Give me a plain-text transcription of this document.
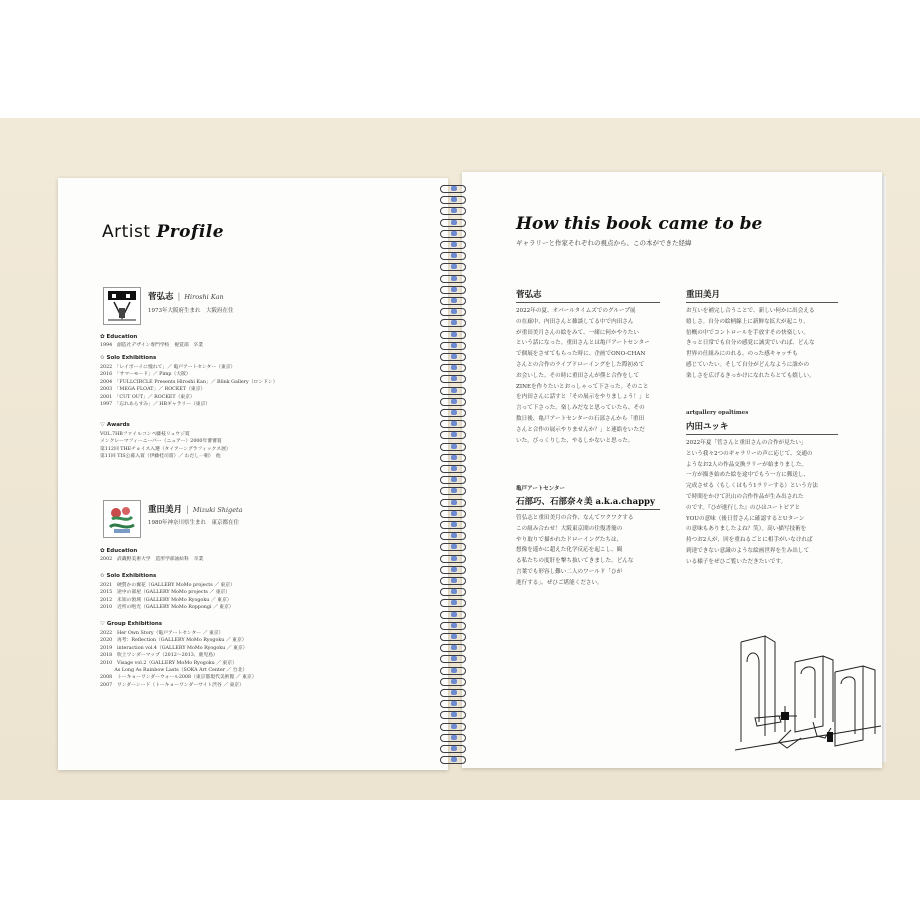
Artist Profile
菅弘志 | Hiroshi Kan
1973年大阪府生まれ　大阪府在住
✿ Education
1994　創造社デザイン専門学校　視覚部　卒業
✩ Solo Exhibitions
2022　「レイボーイに憧れて」／ 亀戸アートセンター（東京）
2016　「サマーモード」／ Pimp（大阪）
2004　「FULLCIRCLE Presents Hiroshi Kan」／ Blink Gallery（ロンドン）
2003　「MEGA FLOAT」／ ROCKET（東京）
2001　「CUT OUT」／ ROCKET（東京）
1997　「忘れあらすみ」／ HBギャラリー（東京）
♡ Awards
VOL.7HBファイルコンペ藤枝リュウジ賞
メンクレーマフィーニーバー（ニュアー）2000年審審賞
第112回 THEチョイス入選（タイアーングラフィックス展）
第11回 TIS公募入賞（伊藤桂司賞）／ わだし一朝）　他
重田美月 | Mizuki Shigeta
1980年神奈川県生まれ　東京都在住
✿ Education
2002　武蔵野美術大学　造形学部油絵科　卒業
✩ Solo Exhibitions
2021　硬質かの翼花（GALLERY MoMo projects ／ 東京）
2015　途中の部屋（GALLERY MoMo projects ／ 東京）
2012　未知の領域（GALLERY MoMo Ryogoku ／ 東京）
2010　近所の咆光（GALLERY MoMo Roppongi ／ 東京）
♡ Group Exhibitions
2022　Her Own Story（亀戸アートセンター ／ 東京）
2020　再考：Reflection（GALLERY MoMo Ryogoku ／ 東京）
2019　interaction vol.4（GALLERY MoMo Ryogoku ／ 東京）
2018　吹上ワンダーマップ（2012〜2013、鹿児島）
2010　Visage vol.2（GALLERY MoMo Ryogoku ／ 東京）
　　　As Long As Rainbow Lasts（SOKA Art Center ／ 台北）
2008　トーキョーワンダーウォール2008（東京都現代美術館 ／ 東京）
2007　ワンダーシード（トーキョーワンダーサイト渋谷 ／ 東京）
How this book came to be
ギャラリーと作家それぞれの視点から、この本ができた経緯
菅弘志
2022年の夏、オパールタイムズでのグループ展
の在廊中、内田さんと雑談してる中で内田さん
が重田美月さんの絵をみて、一緒に何かやりたい
という話になった。重田さんとは亀戸アートセンター
で個展をさせてもらった時に、企画でONO-CHAN
さんとの合作のライブドローイングをした際初めて
お会いした。その時に重田さんが僕と合作をして
ZINEを作りたいとおっしゃって下さった。そのこと
を内田さんに話すと「その展示をやりましょう！」と
言って下さった。楽しみだなと思っていたら、その
数日後、亀戸アートセンターの石部さんから「重田
さんと合作の展示やりませんか？」と連絡をいただ
いた。びっくりした、やるしかないと思った。
亀戸アートセンター
石部巧、石部奈々美 a.k.a.chappy
管弘志と重田美月の合作、なんてワクワクする
この組み合わせ！大阪東京間の往復書簡の
やり取りで描かれたドローイングたちは、
想像を遥かに超えた化学反応を起こし、観
る私たちの度肝を撃ち抜いてきました。どんな
言葉でも形容し難い二人のワールド「ひが
進行する」、ぜひご堪能ください。
重田美月
お互いを補完し合うことで、新しい何かに出会える
嬉しさ。自分の絵柄線上に新鮮な拡大が起こり、
倍概の中でコントロールを手放すその快楽しい。
きっと日常でも自分の感覚に誠実でいれば、どんな
世界の仕組みにのれる、のった感キャッチも
感じていたい。そして自分がどんなように誰かの
楽しさを広げるきっかけになれたらとても嬉しい。
artgallery opaltimes
内田ユッキ
2022年夏「菅さんと重田さんの合作が見たい」
という我々2つのギャラリーの声に応じて、交通の
ようなお2人の作品交換ラリーが始まりました。
一方が描き始めた絵を途中でもう一方に郵送し、
完成させる（もしくはもう1ラリーする）という方法
で時間をかけて沢山の合作作品が生み出された
のです。『ひが進行した』のひはユートピアと
YOUの意味（後日菅さんに確認するとUターン
の意味もありましたよね？笑）。高い描写技術を
持つお2人が、回を重ねるごとに相手がいなければ
到達できない意識のような絵画世界を生み出して
いる様子をぜひご覧いただきたいです。
